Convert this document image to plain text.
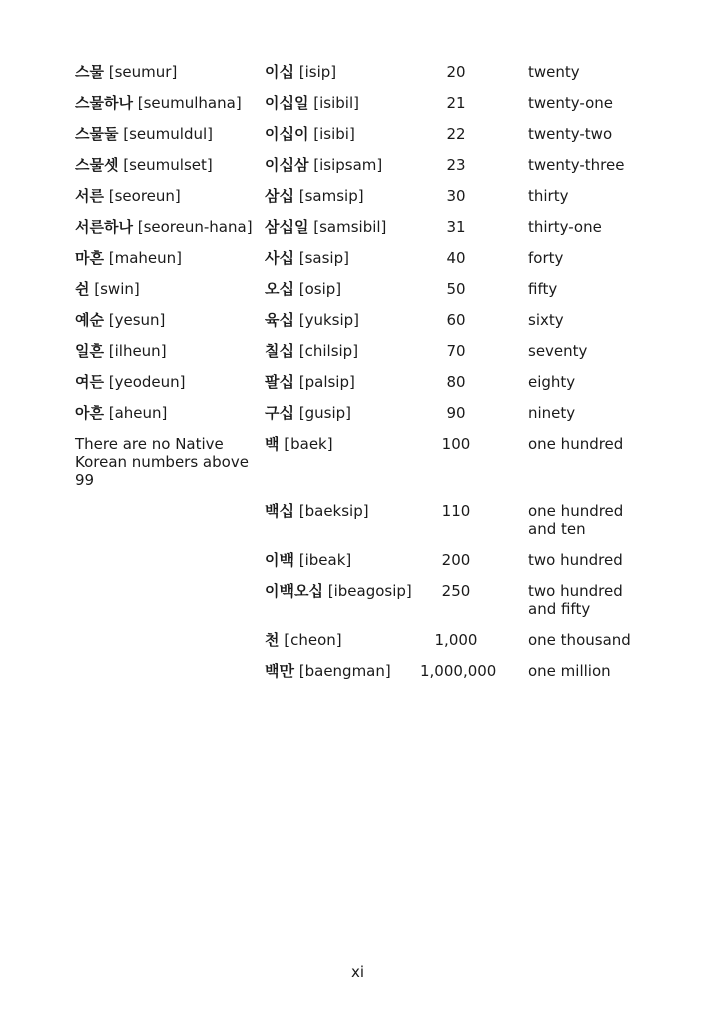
스물 [seumur]	이십 [isip]	20	twenty
스물하나 [seumulhana]	이십일 [isibil]	21	twenty-one
스물둘 [seumuldul]	이십이 [isibi]	22	twenty-two
스물셋 [seumulset]	이십삼 [isipsam]	23	twenty-three
서른 [seoreun]	삼십 [samsip]	30	thirty
서른하나 [seoreun-hana]	삼십일 [samsibil]	31	thirty-one
마흔 [maheun]	사십 [sasip]	40	forty
쉰 [swin]	오십 [osip]	50	fifty
예순 [yesun]	육십 [yuksip]	60	sixty
일흔 [ilheun]	칠십 [chilsip]	70	seventy
여든 [yeodeun]	팔십 [palsip]	80	eighty
아흔 [aheun]	구십 [gusip]	90	ninety
There are no Native Korean numbers above 99	백 [baek]	100	one hundred
	백십 [baeksip]	110	one hundred and ten
	이백 [ibeak]	200	two hundred
	이백오십 [ibeagosip]	250	two hundred and fifty
	천 [cheon]	1,000	one thousand
	백만 [baengman]	1,000,000	one million
xi
